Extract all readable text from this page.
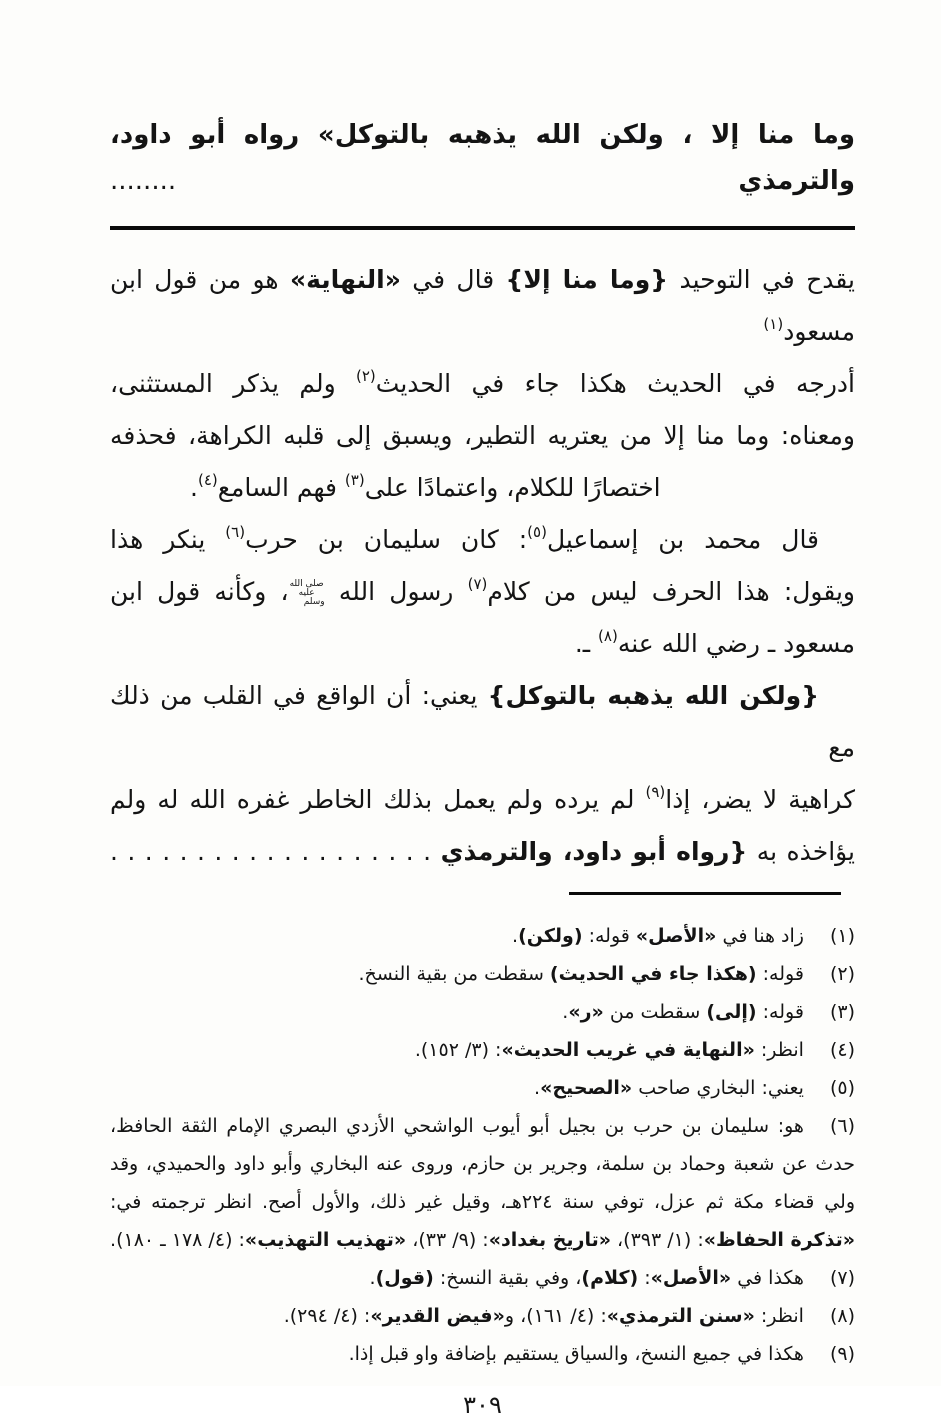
وما منا إلا ، ولكن الله يذهبه بالتوكل» رواه أبو داود، والترمذي ........
يقدح في التوحيد {وما منا إلا} قال في «النهاية» هو من قول ابن مسعود$^{(١)}$
أدرجه في الحديث هكذا جاء في الحديث$^{(٢)}$ ولم يذكر المستثنى،
ومعناه: وما منا إلا من يعتريه التطير، ويسبق إلى قلبه الكراهة، فحذفه
اختصارًا للكلام، واعتمادًا على$^{(٣)}$ فهم السامع$^{(٤)}$.
قال محمد بن إسماعيل$^{(٥)}$: كان سليمان بن حرب$^{(٦)}$ ينكر هذا
ويقول: هذا الحرف ليس من كلام$^{(٧)}$ رسول الله صلى الله عليه وسلم، وكأنه قول ابن
مسعود ـ رضي الله عنه$^{(٨)}$ ـ.
{ولكن الله يذهبه بالتوكل} يعني: أن الواقع في القلب من ذلك مع
كراهية لا يضر، إذا$^{(٩)}$ لم يرده ولم يعمل بذلك الخاطر غفره الله له ولم
يؤاخذه به {رواه أبو داود، والترمذي . . . . . . . . . . . . . . . . . . .
(١)زاد هنا في «الأصل» قوله: (ولكن).
(٢)قوله: (هكذا جاء في الحديث) سقطت من بقية النسخ.
(٣)قوله: (إلى) سقطت من «ر».
(٤)انظر: «النهاية في غريب الحديث»: (٣/ ١٥٢).
(٥)يعني: البخاري صاحب «الصحيح».
(٦)هو: سليمان بن حرب بن بجيل أبو أيوب الواشحي الأزدي البصري الإمام الثقة الحافظ، حدث عن شعبة وحماد بن سلمة، وجرير بن حازم، وروى عنه البخاري وأبو داود والحميدي، وقد ولي قضاء مكة ثم عزل، توفي سنة ٢٢٤هـ، وقيل غير ذلك، والأول أصح. انظر ترجمته في: «تذكرة الحفاظ»: (١/ ٣٩٣)، «تاريخ بغداد»: (٩/ ٣٣)، «تهذيب التهذيب»: (٤/ ١٧٨ ـ ١٨٠).
(٧)هكذا في «الأصل»: (كلام)، وفي بقية النسخ: (قول).
(٨)انظر: «سنن الترمذي»: (٤/ ١٦١)، و«فيض القدير»: (٤/ ٢٩٤).
(٩)هكذا في جميع النسخ، والسياق يستقيم بإضافة واو قبل إذا.
٣٠٩
